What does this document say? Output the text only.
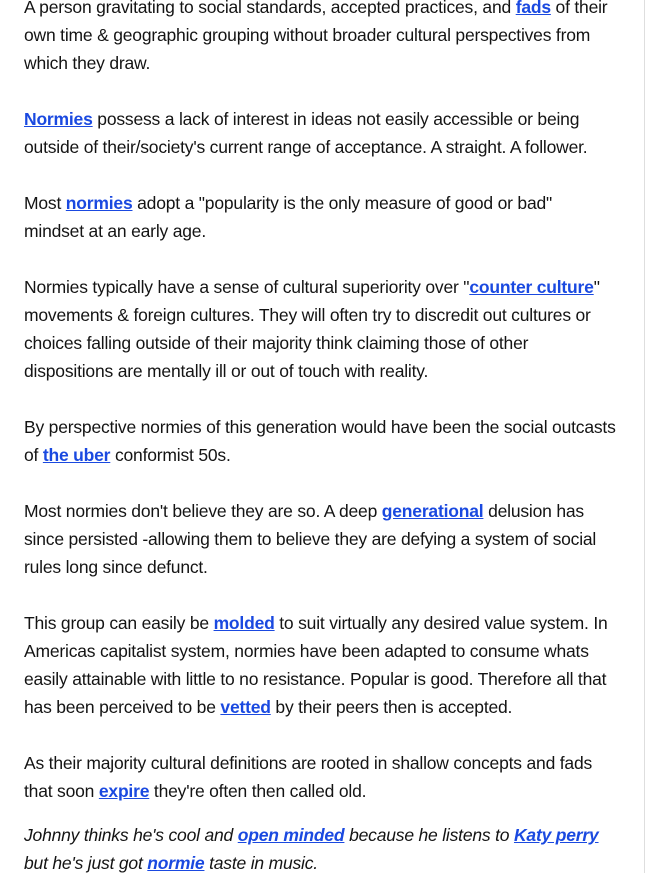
A person gravitating to social standards, accepted practices, and fads of their own time & geographic grouping without broader cultural perspectives from which they draw.

Normies possess a lack of interest in ideas not easily accessible or being outside of their/society's current range of acceptance. A straight. A follower.

Most normies adopt a "popularity is the only measure of good or bad" mindset at an early age.

Normies typically have a sense of cultural superiority over "counter culture" movements & foreign cultures. They will often try to discredit out cultures or choices falling outside of their majority think claiming those of other dispositions are mentally ill or out of touch with reality.

By perspective normies of this generation would have been the social outcasts of the uber conformist 50s.

Most normies don't believe they are so. A deep generational delusion has since persisted -allowing them to believe they are defying a system of social rules long since defunct.

This group can easily be molded to suit virtually any desired value system. In Americas capitalist system, normies have been adapted to consume whats easily attainable with little to no resistance. Popular is good. Therefore all that has been perceived to be vetted by their peers then is accepted.

As their majority cultural definitions are rooted in shallow concepts and fads that soon expire they're often then called old.

Johnny thinks he's cool and open minded because he listens to Katy perry but he's just got normie taste in music.
